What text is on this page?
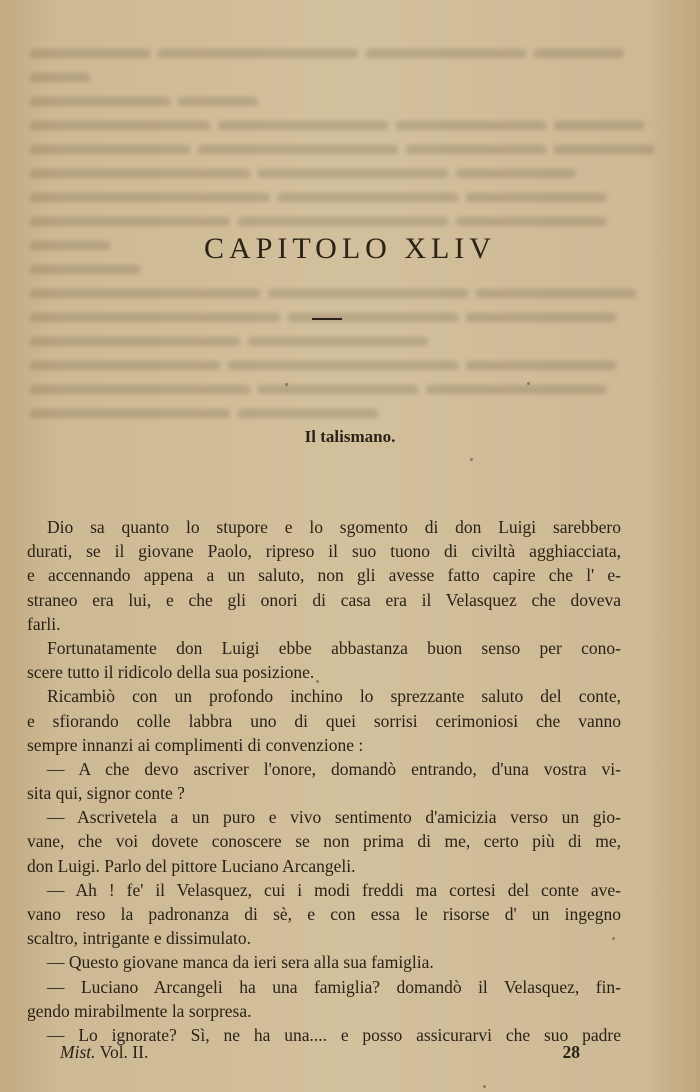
CAPITOLO XLIV
Il talismano.
Dio sa quanto lo stupore e lo sgomento di don Luigi sarebbero
durati, se il giovane Paolo, ripreso il suo tuono di civiltà agghiacciata,
e accennando appena a un saluto, non gli avesse fatto capire che l' e-
straneo era lui, e che gli onori di casa era il Velasquez che doveva
farli.
Fortunatamente don Luigi ebbe abbastanza buon senso per cono-
scere tutto il ridicolo della sua posizione.
Ricambiò con un profondo inchino lo sprezzante saluto del conte,
e sfiorando colle labbra uno di quei sorrisi cerimoniosi che vanno
sempre innanzi ai complimenti di convenzione :
— A che devo ascriver l'onore, domandò entrando, d'una vostra vi-
sita qui, signor conte ?
— Ascrivetela a un puro e vivo sentimento d'amicizia verso un gio-
vane, che voi dovete conoscere se non prima di me, certo più di me,
don Luigi. Parlo del pittore Luciano Arcangeli.
— Ah ! fe' il Velasquez, cui i modi freddi ma cortesi del conte ave-
vano reso la padronanza di sè, e con essa le risorse d' un ingegno
scaltro, intrigante e dissimulato.
— Questo giovane manca da ieri sera alla sua famiglia.
— Luciano Arcangeli ha una famiglia? domandò il Velasquez, fin-
gendo mirabilmente la sorpresa.
— Lo ignorate? Sì, ne ha una.... e posso assicurarvi che suo padre
Mist. Vol. II.	28
